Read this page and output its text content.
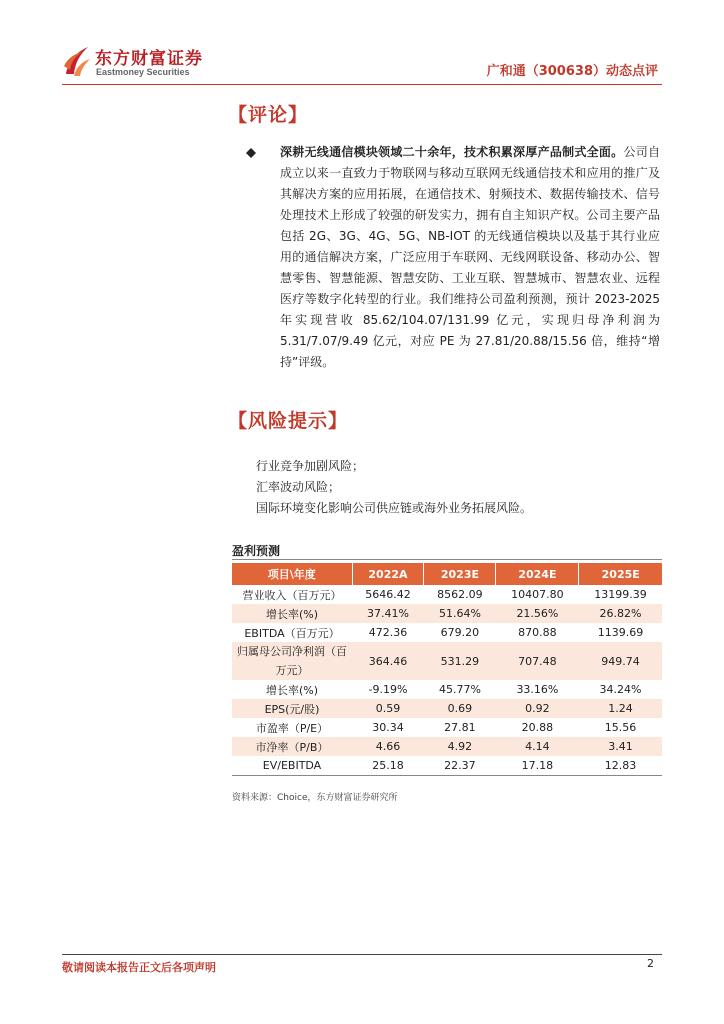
东方财富证券
Eastmoney Securities	广和通（300638）动态点评
【评论】
深耕无线通信模块领域二十余年，技术积累深厚产品制式全面。公司自成立以来一直致力于物联网与移动互联网无线通信技术和应用的推广及其解决方案的应用拓展，在通信技术、射频技术、数据传输技术、信号处理技术上形成了较强的研发实力，拥有自主知识产权。公司主要产品包括 2G、3G、4G、5G、NB-IOT 的无线通信模块以及基于其行业应用的通信解决方案，广泛应用于车联网、无线网联设备、移动办公、智慧零售、智慧能源、智慧安防、工业互联、智慧城市、智慧农业、远程医疗等数字化转型的行业。我们维持公司盈利预测，预计 2023-2025 年实现营收 85.62/104.07/131.99 亿元，实现归母净利润为 5.31/7.07/9.49 亿元，对应 PE 为 27.81/20.88/15.56 倍，维持“增持”评级。
【风险提示】
行业竞争加剧风险；
汇率波动风险；
国际环境变化影响公司供应链或海外业务拓展风险。
盈利预测
项目\年度	2022A	2023E	2024E	2025E
营业收入（百万元）	5646.42	8562.09	10407.80	13199.39
增长率(%)	37.41%	51.64%	21.56%	26.82%
EBITDA（百万元）	472.36	679.20	870.88	1139.69
归属母公司净利润（百万元）	364.46	531.29	707.48	949.74
增长率(%)	-9.19%	45.77%	33.16%	34.24%
EPS(元/股)	0.59	0.69	0.92	1.24
市盈率（P/E）	30.34	27.81	20.88	15.56
市净率（P/B）	4.66	4.92	4.14	3.41
EV/EBITDA	25.18	22.37	17.18	12.83
资料来源：Choice，东方财富证券研究所
敬请阅读本报告正文后各项声明	2
